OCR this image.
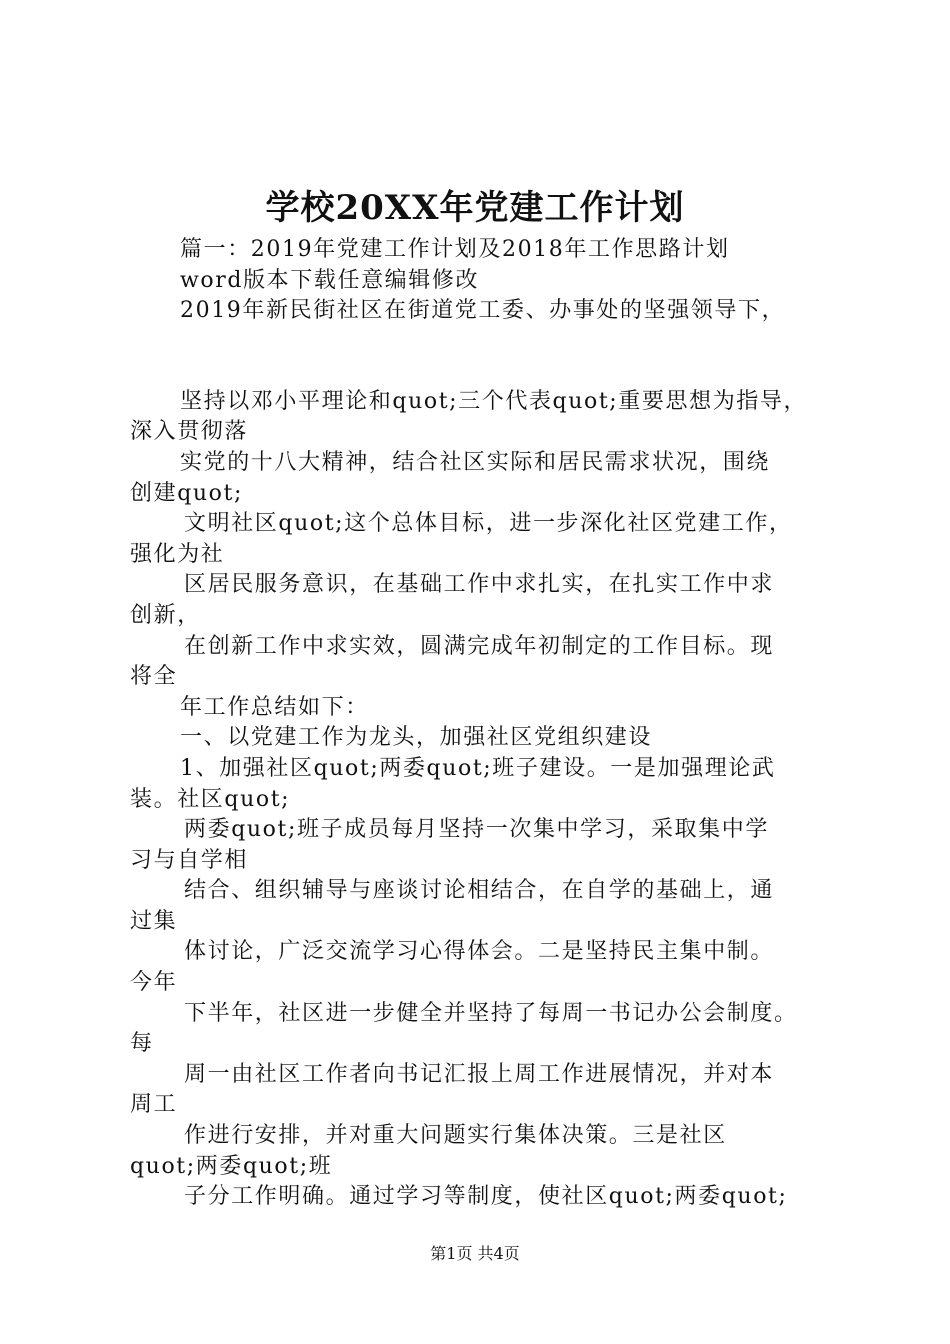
学校20XX年党建工作计划
篇一：2019年党建工作计划及2018年工作思路计划
word版本下载任意编辑修改
2019年新民街社区在街道党工委、办事处的坚强领导下，
坚持以邓小平理论和quot;三个代表quot;重要思想为指导，
深入贯彻落
实党的十八大精神，结合社区实际和居民需求状况，围绕
创建quot;
文明社区quot;这个总体目标，进一步深化社区党建工作，
强化为社
区居民服务意识，在基础工作中求扎实，在扎实工作中求
创新，
在创新工作中求实效，圆满完成年初制定的工作目标。现
将全
年工作总结如下：
一、以党建工作为龙头，加强社区党组织建设
1、加强社区quot;两委quot;班子建设。一是加强理论武
装。社区quot;
两委quot;班子成员每月坚持一次集中学习，采取集中学
习与自学相
结合、组织辅导与座谈讨论相结合，在自学的基础上，通
过集
体讨论，广泛交流学习心得体会。二是坚持民主集中制。
今年
下半年，社区进一步健全并坚持了每周一书记办公会制度。
每
周一由社区工作者向书记汇报上周工作进展情况，并对本
周工
作进行安排，并对重大问题实行集体决策。三是社区
quot;两委quot;班
子分工作明确。通过学习等制度，使社区quot;两委quot;
第1页 共4页
